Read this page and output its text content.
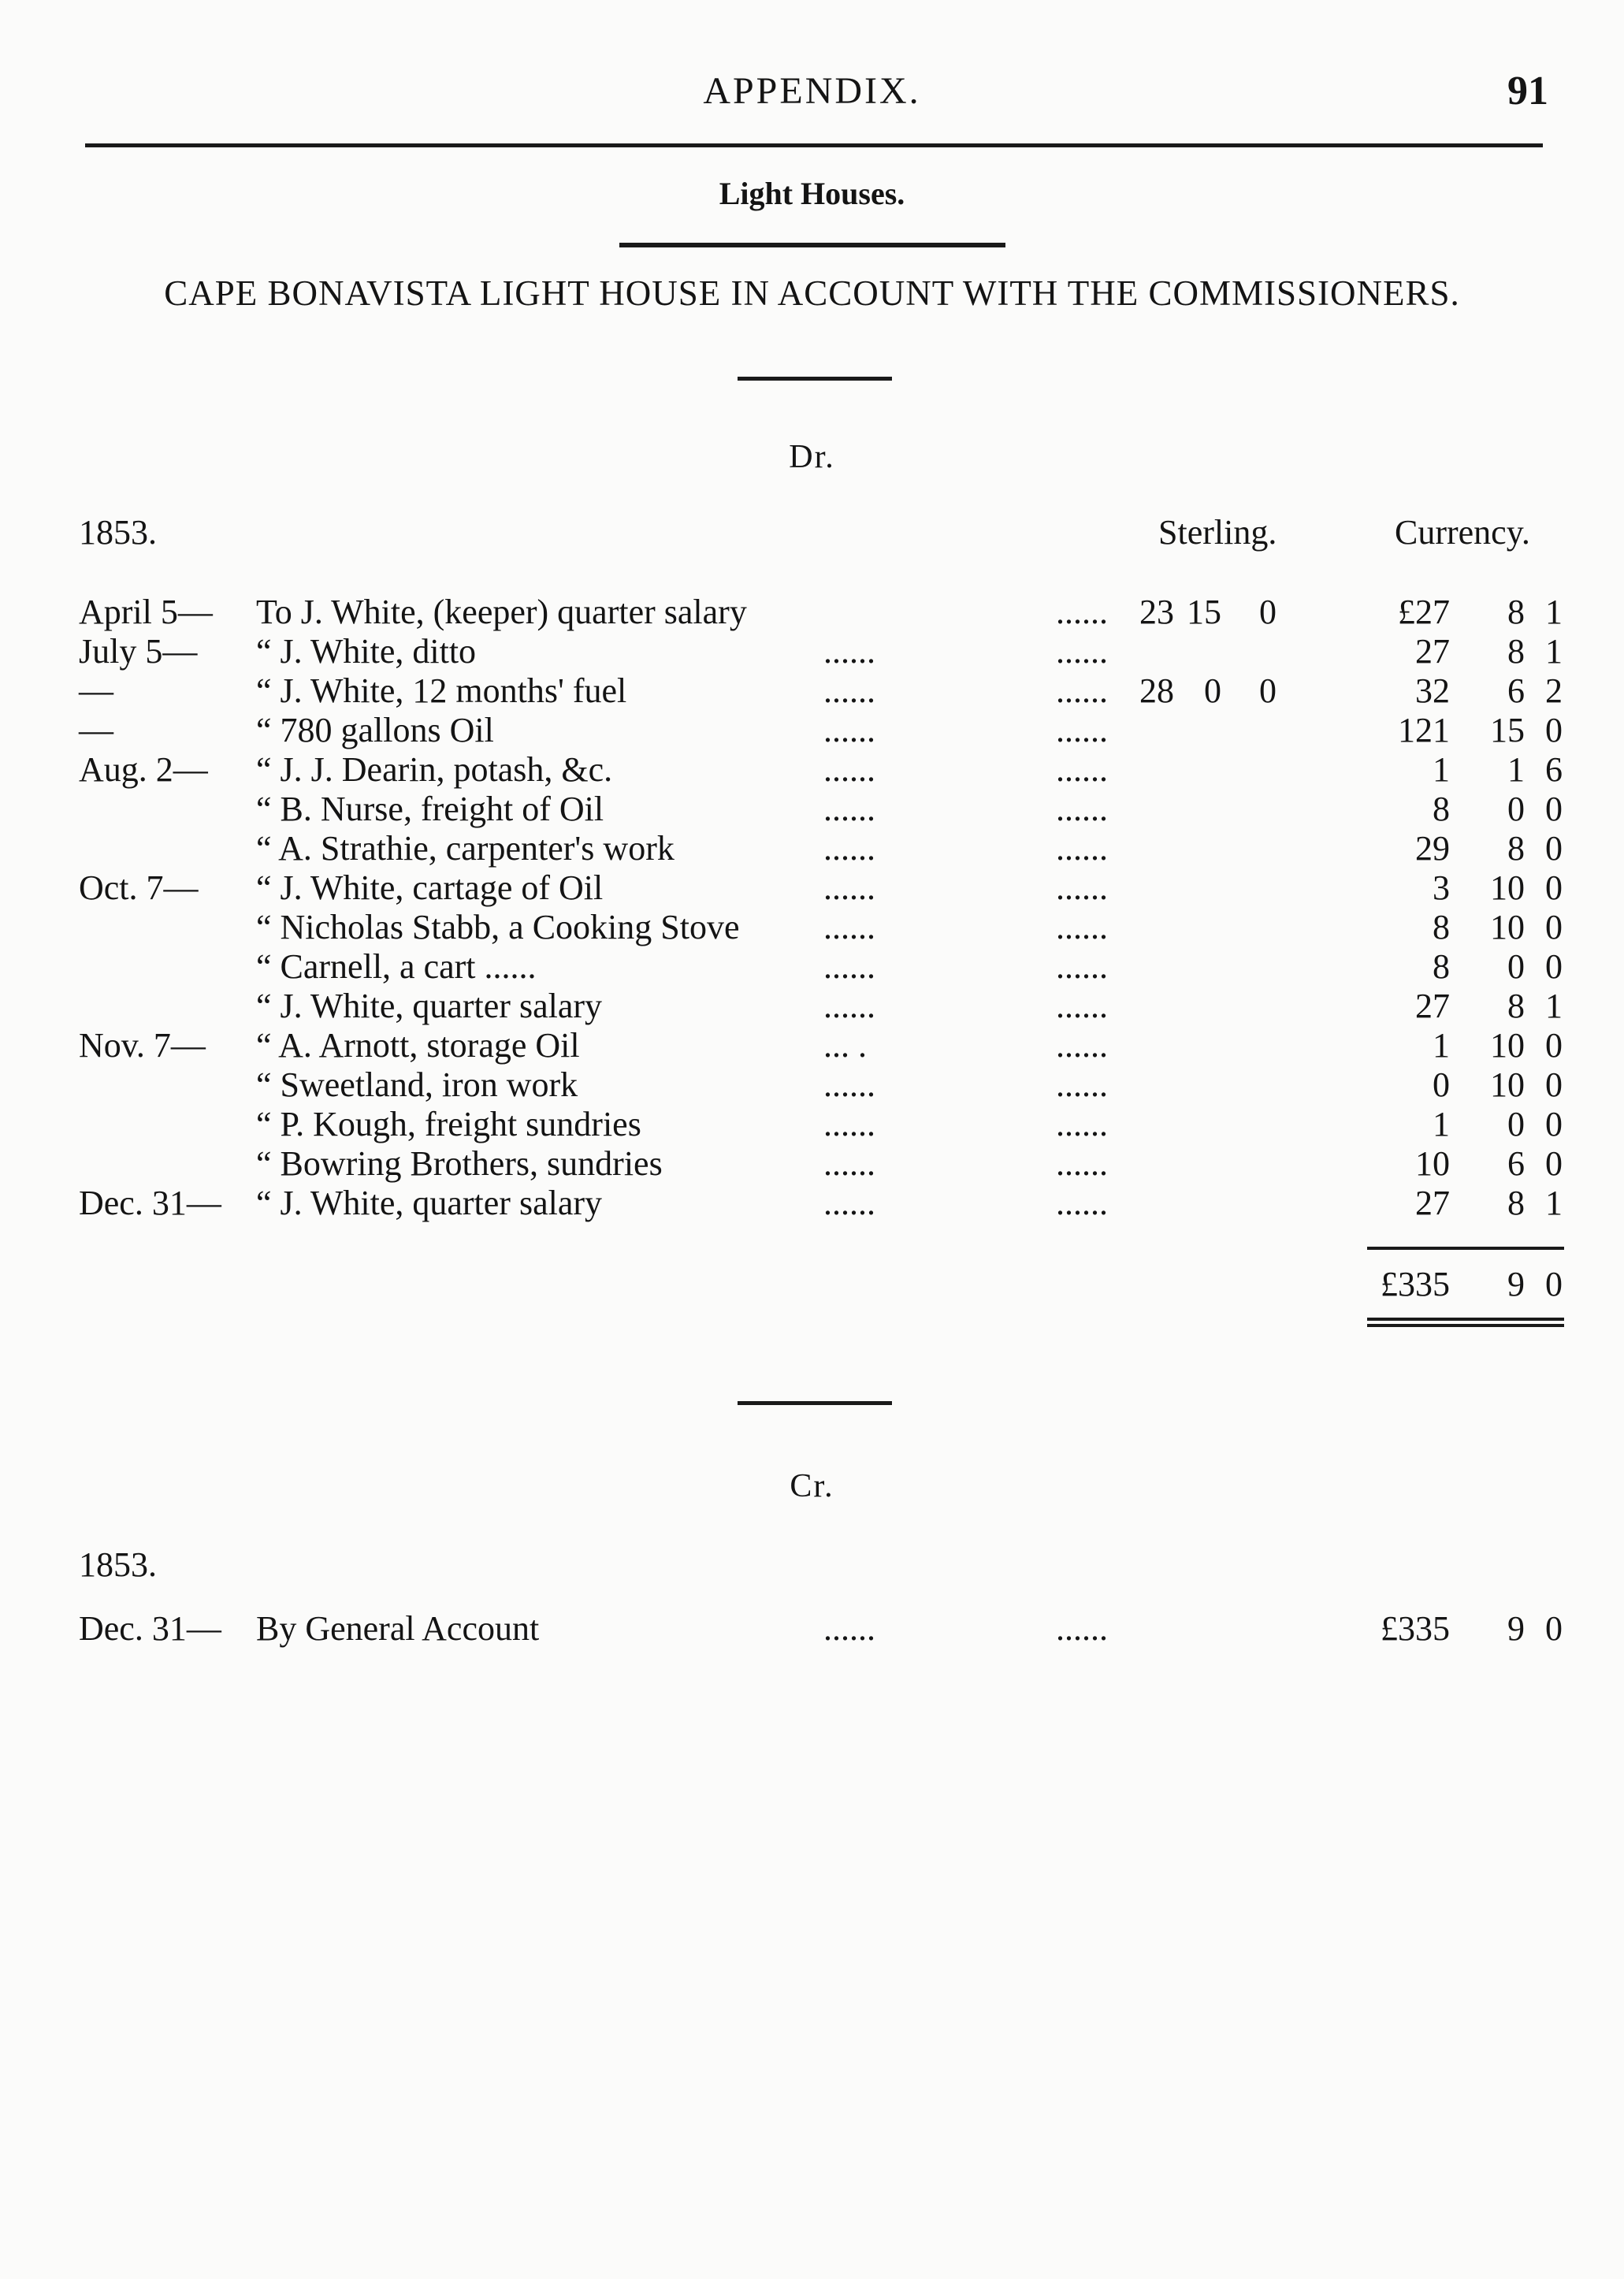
APPENDIX.	91
Light Houses.
CAPE BONAVISTA LIGHT HOUSE IN ACCOUNT WITH THE COMMISSIONERS.
Dr.
1853.	Sterling.	Currency.
April 5— To J. White, (keeper) quarter salary	...... 23 15 0	£27 8 1
July 5— “ J. White, ditto	......	......	27 8 1
—	“ J. White, 12 months' fuel	......	...... 28 0 0	32 6 2
—	“ 780 gallons Oil	......	......	121 15 0
Aug. 2— “ J. J. Dearin, potash, &c.	......	......	1 1 6
“ B. Nurse, freight of Oil	......	......	8 0 0
“ A. Strathie, carpenter's work	......	......	29 8 0
Oct. 7— “ J. White, cartage of Oil	......	......	3 10 0
“ Nicholas Stabb, a Cooking Stove ......	......	8 10 0
“ Carnell, a cart ......	......	......	8 0 0
“ J. White, quarter salary	......	......	27 8 1
Nov. 7— “ A. Arnott, storage Oil	... .	......	1 10 0
“ Sweetland, iron work	......	......	0 10 0
“ P. Kough, freight sundries	......	......	1 0 0
“ Bowring Brothers, sundries	......	......	10 6 0
Dec. 31— “ J. White, quarter salary	......	......	27 8 1
£335 9 0
Cr.
1853.
Dec. 31— By General Account	......	......	£335 9 0
